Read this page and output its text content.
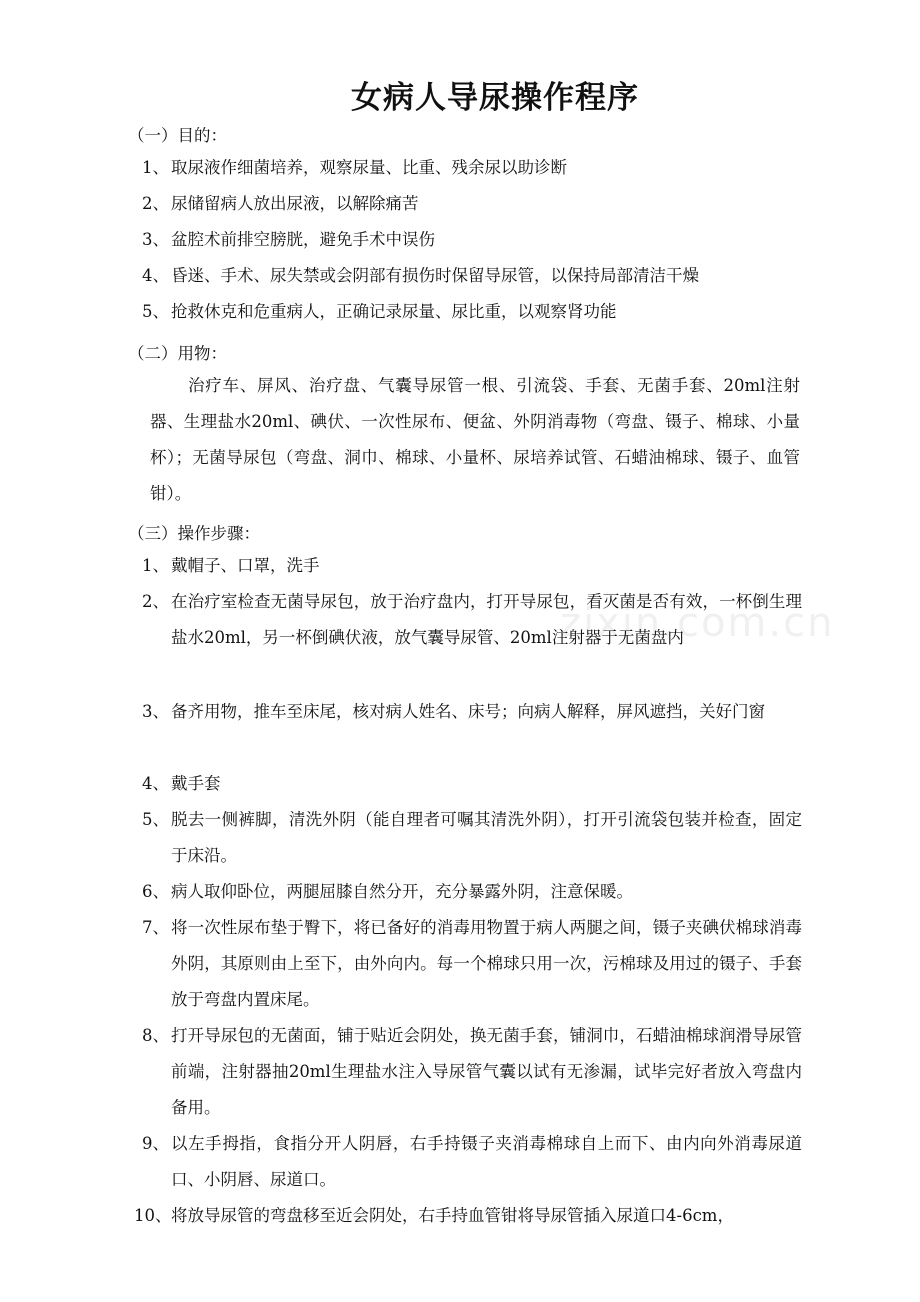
女病人导尿操作程序
zixin.com.cn
（一）目的：
1、 取尿液作细菌培养，观察尿量、比重、残余尿以助诊断
2、 尿储留病人放出尿液，以解除痛苦
3、 盆腔术前排空膀胱，避免手术中误伤
4、 昏迷、手术、尿失禁或会阴部有损伤时保留导尿管，以保持局部清洁干燥
5、 抢救休克和危重病人，正确记录尿量、尿比重，以观察肾功能
（二）用物：
治疗车、屏风、治疗盘、气囊导尿管一根、引流袋、手套、无菌手套、20ml注射器、生理盐水20ml、碘伏、一次性尿布、便盆、外阴消毒物（弯盘、镊子、棉球、小量杯）；无菌导尿包（弯盘、洞巾、棉球、小量杯、尿培养试管、石蜡油棉球、镊子、血管钳）。
（三）操作步骤：
1、 戴帽子、口罩，洗手
2、 在治疗室检查无菌导尿包，放于治疗盘内，打开导尿包，看灭菌是否有效，一杯倒生理盐水20ml，另一杯倒碘伏液，放气囊导尿管、20ml注射器于无菌盘内
3、 备齐用物，推车至床尾，核对病人姓名、床号；向病人解释，屏风遮挡，关好门窗
4、 戴手套
5、 脱去一侧裤脚，清洗外阴（能自理者可嘱其清洗外阴），打开引流袋包装并检查，固定于床沿。
6、 病人取仰卧位，两腿屈膝自然分开，充分暴露外阴，注意保暖。
7、 将一次性尿布垫于臀下，将已备好的消毒用物置于病人两腿之间，镊子夹碘伏棉球消毒外阴，其原则由上至下，由外向内。每一个棉球只用一次，污棉球及用过的镊子、手套放于弯盘内置床尾。
8、 打开导尿包的无菌面，铺于贴近会阴处，换无菌手套，铺洞巾，石蜡油棉球润滑导尿管前端，注射器抽20ml生理盐水注入导尿管气囊以试有无渗漏，试毕完好者放入弯盘内备用。
9、 以左手拇指，食指分开人阴唇，右手持镊子夹消毒棉球自上而下、由内向外消毒尿道口、小阴唇、尿道口。
10、 将放导尿管的弯盘移至近会阴处，右手持血管钳将导尿管插入尿道口4-6cm，
